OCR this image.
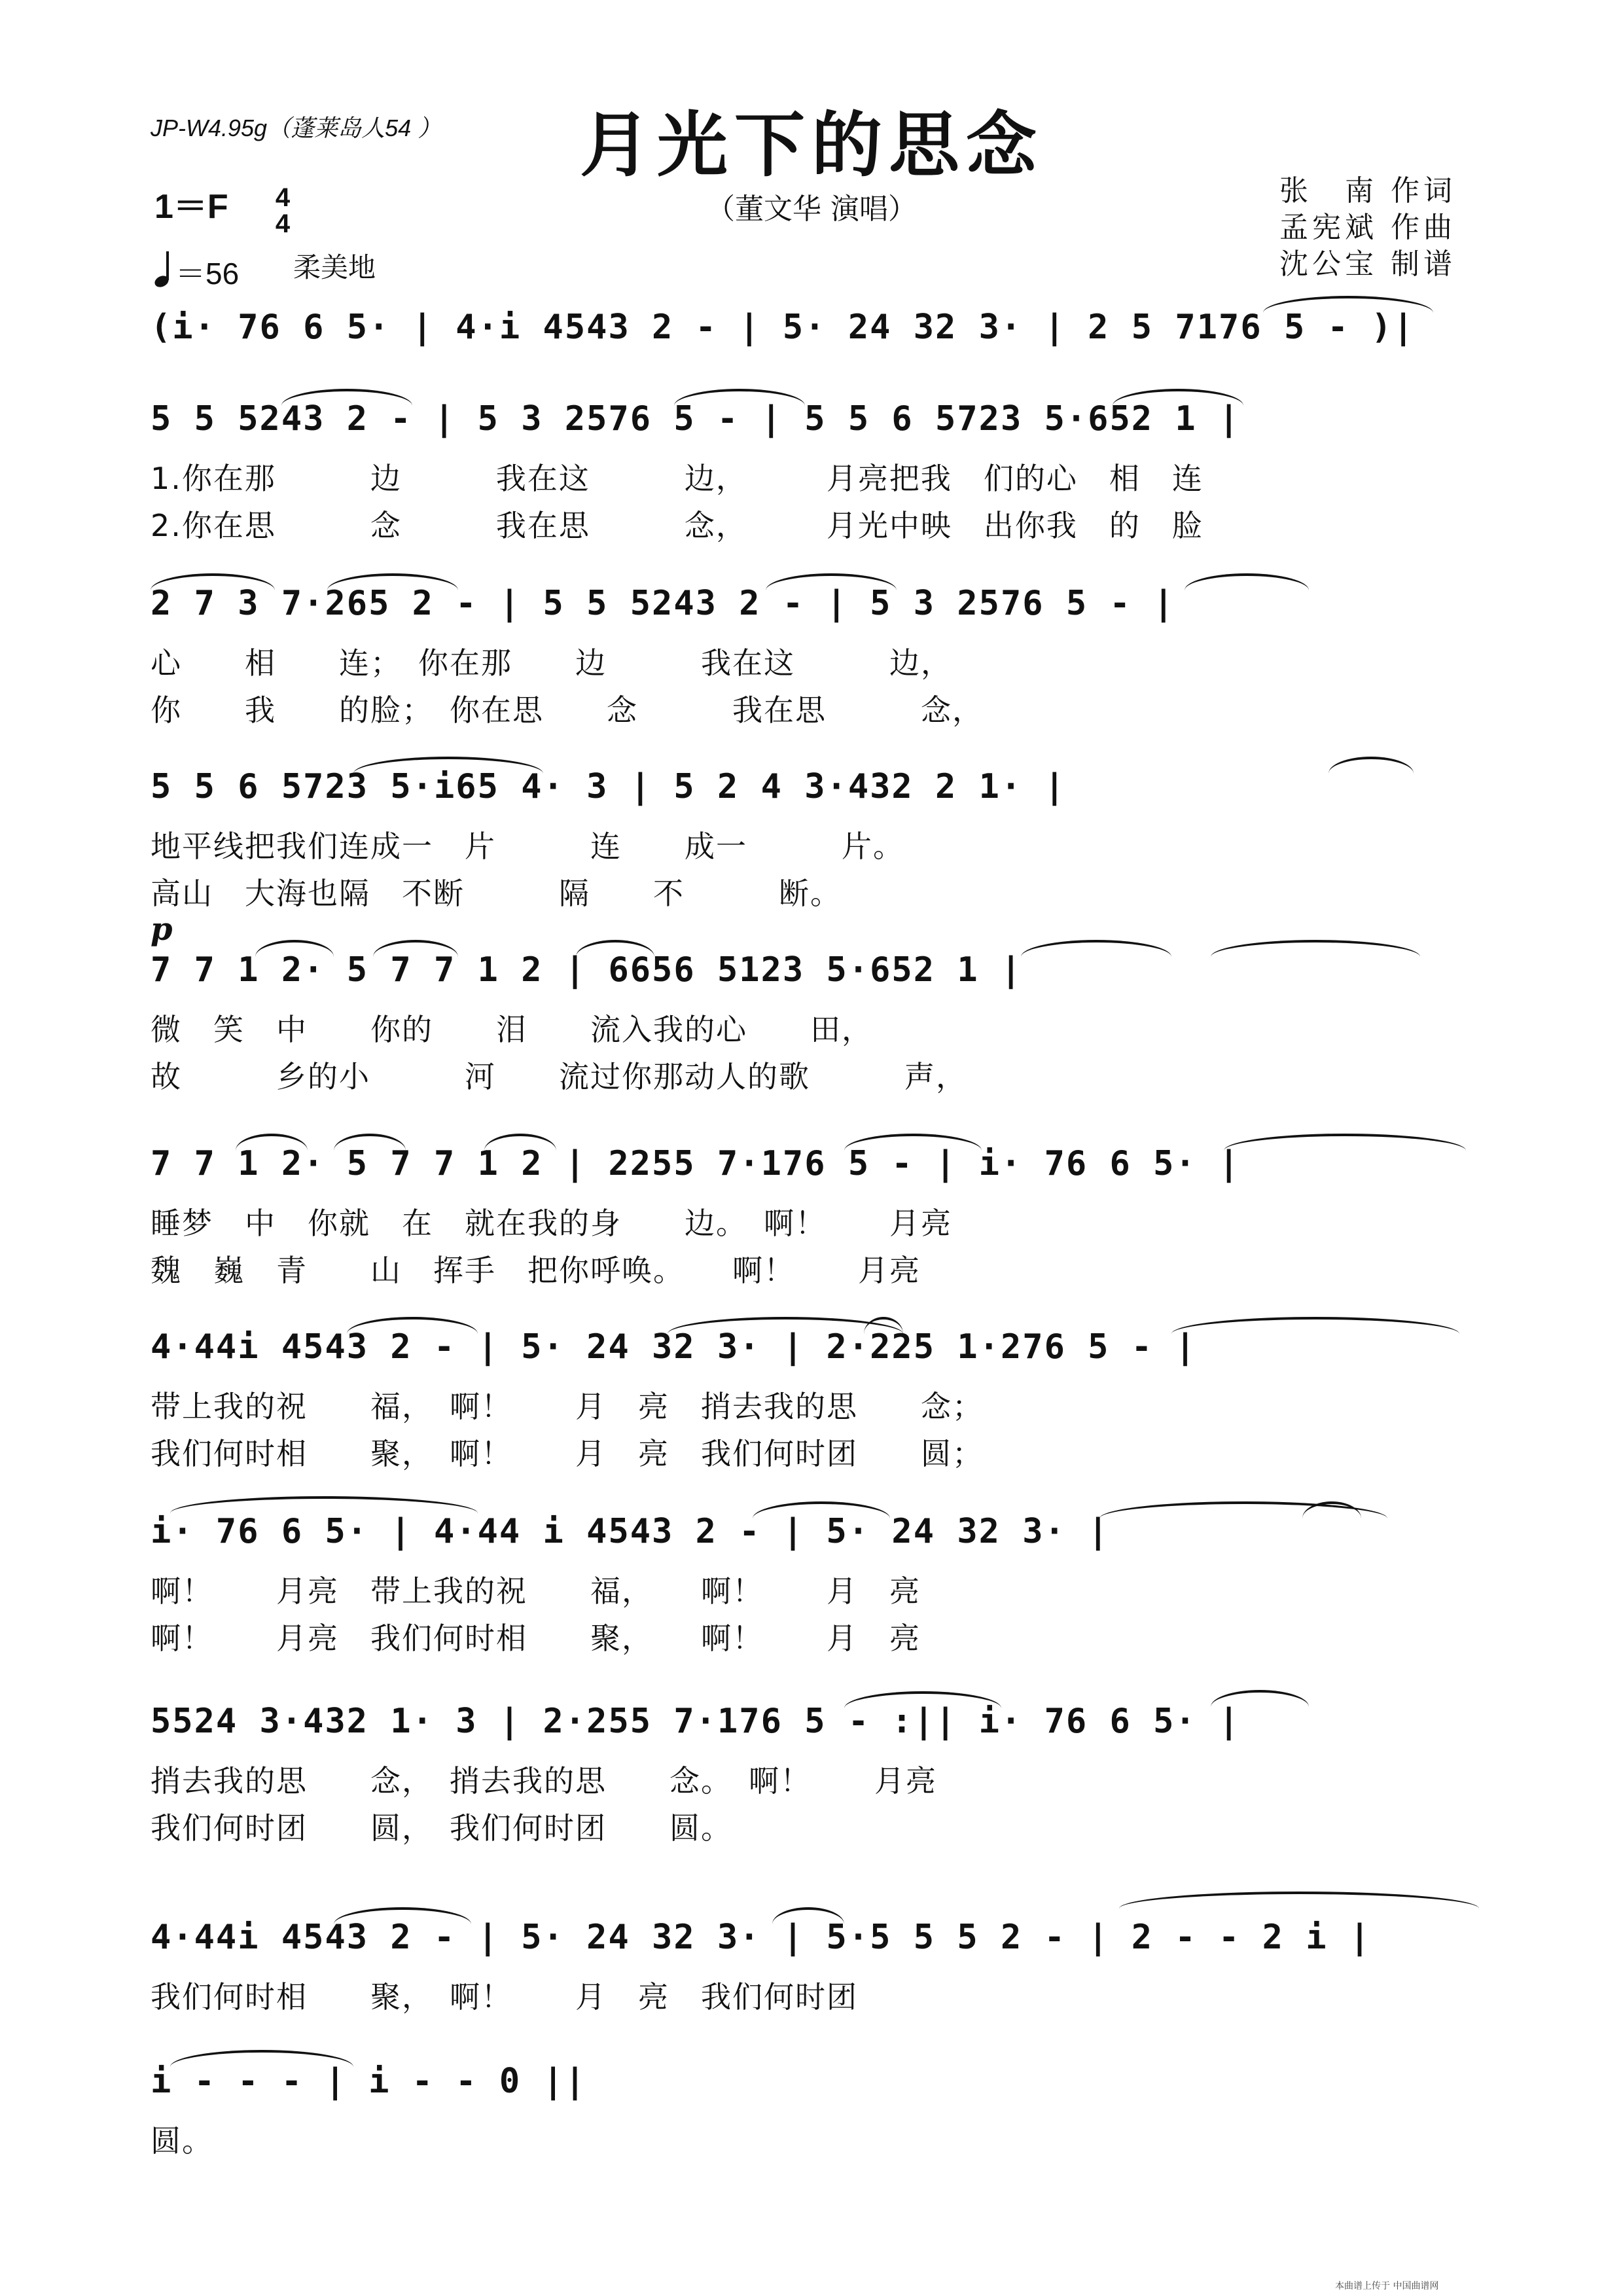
JP-W4.95g（蓬莱岛人54 ）	月光下的思念
（董文华 演唱）
张　南 作词
孟宪斌 作曲
沈公宝 制谱
1＝F 4
4
＝56 柔美地
(i· 76 6 5· | 4·i 4543 2 - | 5· 24 32 3· | 2 5 7176 5 - )|
5 5 5243 2 - | 5 3 2576 5 - | 5 5 6 5723 5·652 1 |
1.你在那　　　边　　　我在这　　　边，　　　月亮把我　们的心　相　连
2.你在思　　　念　　　我在思　　　念，　　　月光中映　出你我　的　脸
2 7 3 7·265 2 - | 5 5 5243 2 - | 5 3 2576 5 - |
心　　相　　连；　你在那　　边　　　我在这　　　边，
你　　我　　的脸；　你在思　　念　　　我在思　　　念，
5 5 6 5723 5·i65 4· 3 | 5 2 4 3·432 2 1· |
地平线把我们连成一　片　　　连　　成一　　　片。
高山　大海也隔　不断　　　隔　　不　　　断。
p
7 7 1 2· 5 7 7 1 2 | 6656 5123 5·652 1 |
微　笑　中　　你的　　泪　　流入我的心　　田，
故　　　乡的小　　　河　　流过你那动人的歌　　　声，
7 7 1 2· 5 7 7 1 2 | 2255 7·176 5 - | i· 76 6 5· |
睡梦　中　你就　在　就在我的身　　边。　啊！　　月亮
魏　巍　青　　山　挥手　把你呼唤。　　啊！　　月亮
4·44i 4543 2 - | 5· 24 32 3· | 2·225 1·276 5 - |
带上我的祝　　福，　啊！　　月　亮　捎去我的思　　念；
我们何时相　　聚，　啊！　　月　亮　我们何时团　　圆；
i· 76 6 5· | 4·44 i 4543 2 - | 5· 24 32 3· |
啊！　　月亮　带上我的祝　　福，　　啊！　　月　亮
啊！　　月亮　我们何时相　　聚，　　啊！　　月　亮
5524 3·432 1· 3 | 2·255 7·176 5 - :|| i· 76 6 5· |
捎去我的思　　念，　捎去我的思　　念。　啊！　　月亮
我们何时团　　圆，　我们何时团　　圆。
4·44i 4543 2 - | 5· 24 32 3· | 5·5 5 5 2 - | 2 - - 2 i |
我们何时相　　聚，　啊！　　月　亮　我们何时团
i - - - | i - - 0 ||
圆。
本曲谱上传于 中国曲谱网
